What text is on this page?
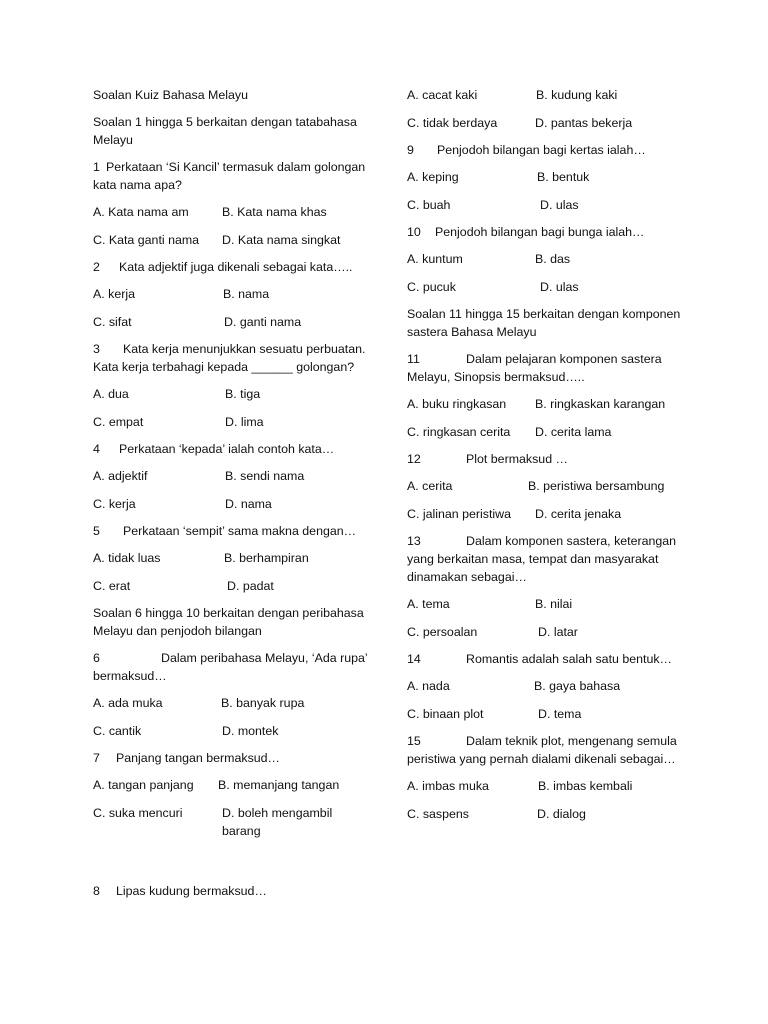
Soalan Kuiz Bahasa Melayu

Soalan 1 hingga 5 berkaitan dengan tatabahasa Melayu

1 Perkataan ‘Si Kancil’ termasuk dalam golongan kata nama apa?

A. Kata nama am	B. Kata nama khas
C. Kata ganti nama D. Kata nama singkat

2 Kata adjektif juga dikenali sebagai kata…..

A. kerja	B. nama
C. sifat	D. ganti nama

3 Kata kerja menunjukkan sesuatu perbuatan. Kata kerja terbahagi kepada ______ golongan?

A. dua	B. tiga
C. empat	D. lima

4 Perkataan ‘kepada’ ialah contoh kata…

A. adjektif	B. sendi nama
C. kerja	D. nama

5 Perkataan ‘sempit’ sama makna dengan…

A. tidak luas	B. berhampiran
C. erat	D. padat

Soalan 6 hingga 10 berkaitan dengan peribahasa Melayu dan penjodoh bilangan

6	Dalam peribahasa Melayu, ‘Ada rupa’ bermaksud…

A. ada muka	B. banyak rupa
C. cantik	D. montek

7 Panjang tangan bermaksud…

A. tangan panjang B. memanjang tangan
C. suka mencuri	D. boleh mengambil barang

8 Lipas kudung bermaksud…

A. cacat kaki	B. kudung kaki
C. tidak berdaya	D. pantas bekerja

9 Penjodoh bilangan bagi kertas ialah…

A. keping	B. bentuk
C. buah	D. ulas

10 Penjodoh bilangan bagi bunga ialah…

A. kuntum	B. das
C. pucuk	D. ulas

Soalan 11 hingga 15 berkaitan dengan komponen sastera Bahasa Melayu

11	Dalam pelajaran komponen sastera Melayu, Sinopsis bermaksud…..

A. buku ringkasan B. ringkaskan karangan
C. ringkasan cerita D. cerita lama

12	Plot bermaksud …

A. cerita	B. peristiwa bersambung
C. jalinan peristiwa D. cerita jenaka

13	Dalam komponen sastera, keterangan yang berkaitan masa, tempat dan masyarakat dinamakan sebagai…

A. tema	B. nilai
C. persoalan	D. latar

14	Romantis adalah salah satu bentuk…

A. nada	B. gaya bahasa
C. binaan plot	D. tema

15	Dalam teknik plot, mengenang semula peristiwa yang pernah dialami dikenali sebagai…

A. imbas muka	B. imbas kembali
C. saspens	D. dialog
